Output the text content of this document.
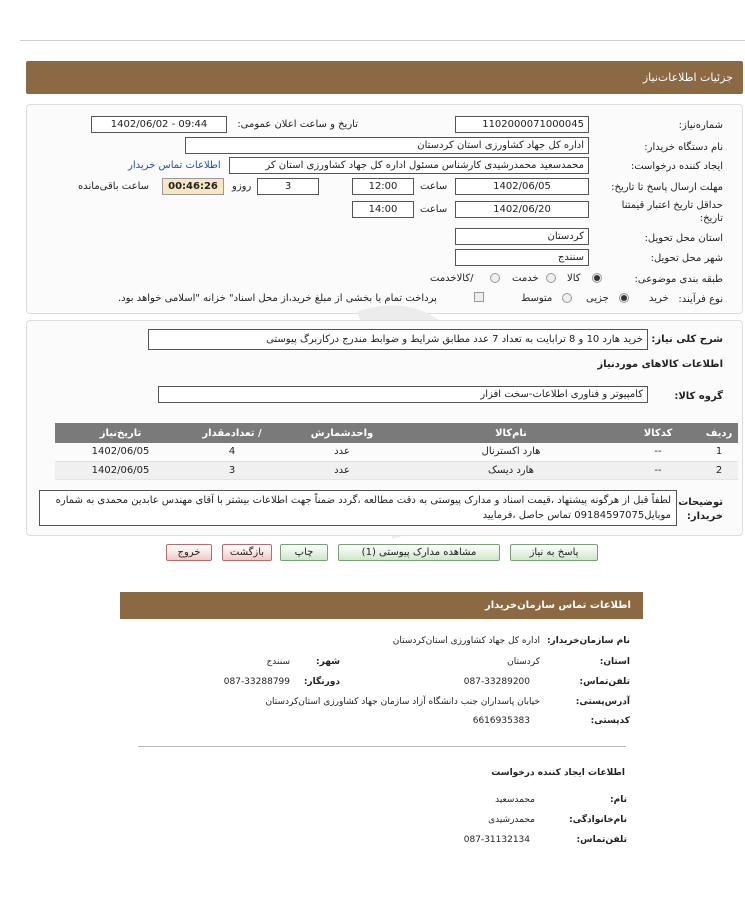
جزئیات اطلاعات‌نیاز
شماره‌نیاز:
1102000071000045
تاریخ و ساعت اعلان عمومی:
1402/06/02 - 09:44
نام دستگاه خریدار:
اداره کل جهاد کشاورزی استان کردستان
ایجاد کننده درخواست:
محمدسعید محمدرشیدی کارشناس مسئول اداره کل جهاد کشاورزی استان کر
اطلاعات تماس خریدار
مهلت ارسال پاسخ تا تاریخ:
1402/06/05
ساعت
12:00
3
روزو
00:46:26
ساعت باقی‌مانده
حداقل تاریخ اعتبار قیمتنا تاریخ:
1402/06/20
ساعت
14:00
استان محل تحویل:
کردستان
شهر محل تحویل:
سنندج
طبقه بندی موضوعی:
کالا
خدمت
/کالاخدمت
نوع فرآیند:
خرید
جزیی
متوسط
پرداخت تمام یا بخشی از مبلغ خرید،از محل اسناد" خزانه "اسلامی خواهد بود.
شرح کلی نیاز:
خرید هارد 10 و 8 ترابایت به تعداد 7 عدد مطابق شرایط و ضوابط مندرج درکاربرگ پیوستی
اطلاعات کالاهای موردنیاز
گروه کالا:
کامپیوتر و فناوری اطلاعات-سخت افزار
ردیف	کدکالا	نام‌کالا	واحدشمارش	/ تعدادمقدار	تاریخ‌نیاز
1	--	هارد اکسترنال	عدد	4	1402/06/05
2	--	هارد دیسک	عدد	3	1402/06/05
توضیحات خریدار:
لطفاً قبل از هرگونه پیشنهاد ،قیمت اسناد و مدارک پیوستی به دقت مطالعه ،گردد ضمناً جهت اطلاعات بیشتر با آقای مهندس عابدین محمدی به شماره موبایل09184597075 تماس حاصل ،فرمایید
پاسخ به نیاز
مشاهده مدارک پیوستی (1)
چاپ
بازگشت
خروج
اطلاعات تماس سازمان‌خریدار
نام سازمان‌خریدار:
اداره کل جهاد کشاورزی استان‌کردستان
استان:
کردستان
شهر:
سنندج
تلفن‌تماس:
087-33289200
دورنگار:
087-33288799
آدرس‌پستی:
خیابان پاسداران جنب دانشگاه آزاد سازمان جهاد کشاورزی استان‌کردستان
کدپستی:
6616935383
اطلاعات ایجاد کننده درخواست
نام:
محمدسعید
نام‌خانوادگی:
محمدرشیدی
تلفن‌تماس:
087-31132134
